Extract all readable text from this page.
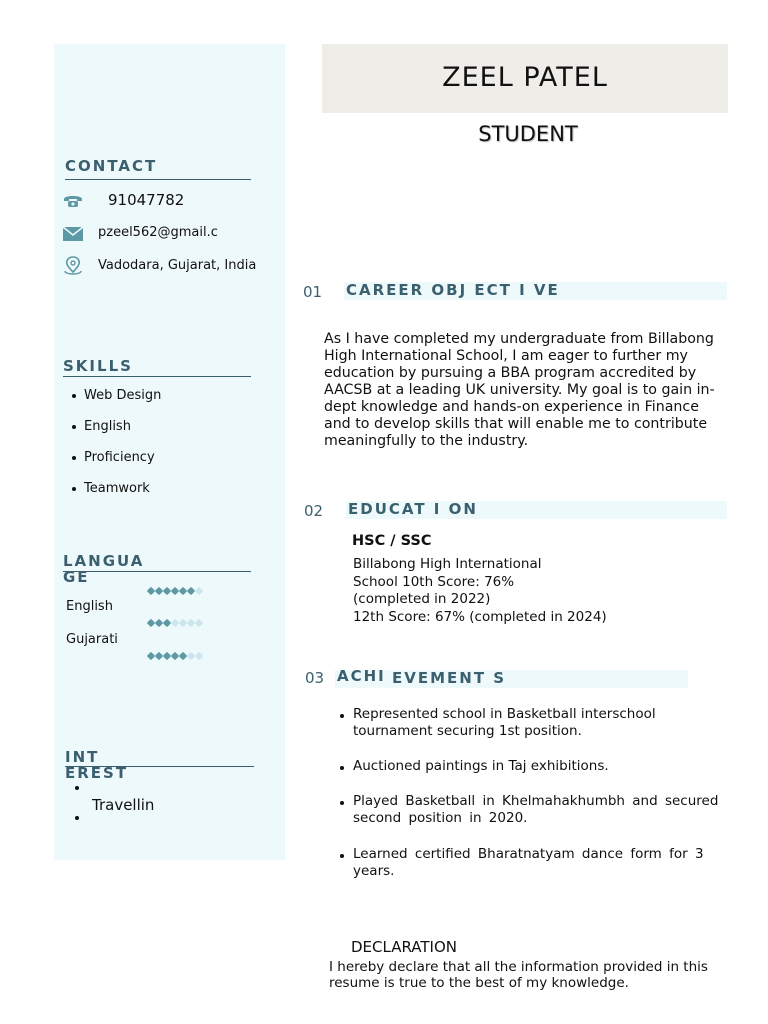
CONTACT
91047782
pzeel562@gmail.c
Vadodara, Gujarat, India
SKILLS
Web Design
English
Proficiency
Teamwork
LANGUA
GE
English
Gujarati
INT
EREST
Travellin
ZEEL PATEL
STUDENT
01 CAREER OBJ ECT I VE
As I have completed my undergraduate from Billabong High International School, I am eager to further my education by pursuing a BBA program accredited by AACSB at a leading UK university. My goal is to gain in-dept knowledge and hands-on experience in Finance and to develop skills that will enable me to contribute meaningfully to the industry.
02 EDUCAT I ON
HSC / SSC
Billabong High International
School 10th Score: 76%
(completed in 2022)
12th Score: 67% (completed in 2024)
03 ACHI EVEMENT S
Represented school in Basketball interschool tournament securing 1st position.
Auctioned paintings in Taj exhibitions.
Played Basketball in Khelmahakhumbh and secured second position in 2020.
Learned certified Bharatnatyam dance form for 3 years.
DECLARATION
I hereby declare that all the information provided in this resume is true to the best of my knowledge.
